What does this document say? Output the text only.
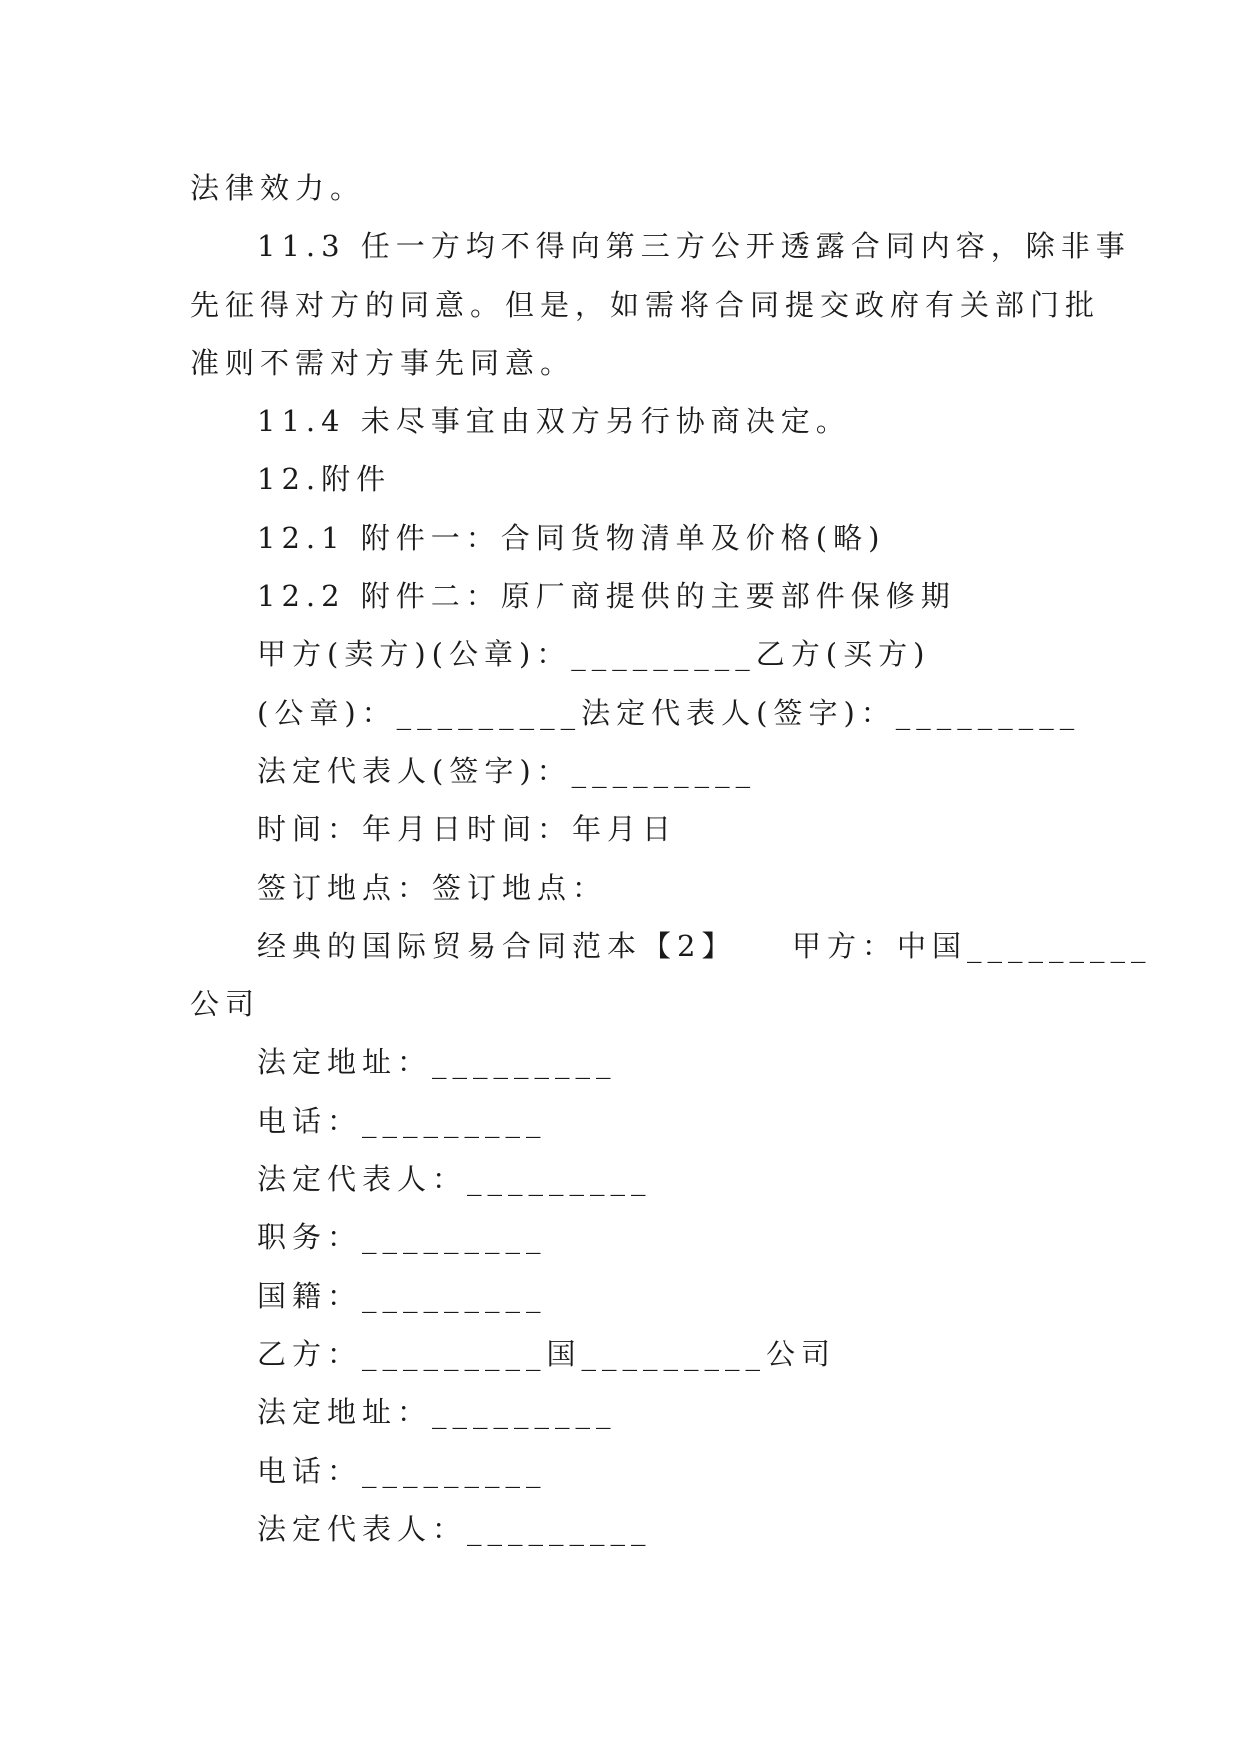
法律效力。
11.3 任一方均不得向第三方公开透露合同内容，除非事
先征得对方的同意。但是，如需将合同提交政府有关部门批
准则不需对方事先同意。
11.4 未尽事宜由双方另行协商决定。
12.附件
12.1 附件一：合同货物清单及价格(略)
12.2 附件二：原厂商提供的主要部件保修期
甲方(卖方)(公章)：_________乙方(买方)
(公章)：_________法定代表人(签字)：_________
法定代表人(签字)：_________
时间：年月日时间：年月日
签订地点：签订地点：
经典的国际贸易合同范本【2】　　甲方：中国_________
公司
法定地址：_________
电话：_________
法定代表人：_________
职务：_________
国籍：_________
乙方：_________国_________公司
法定地址：_________
电话：_________
法定代表人：_________
